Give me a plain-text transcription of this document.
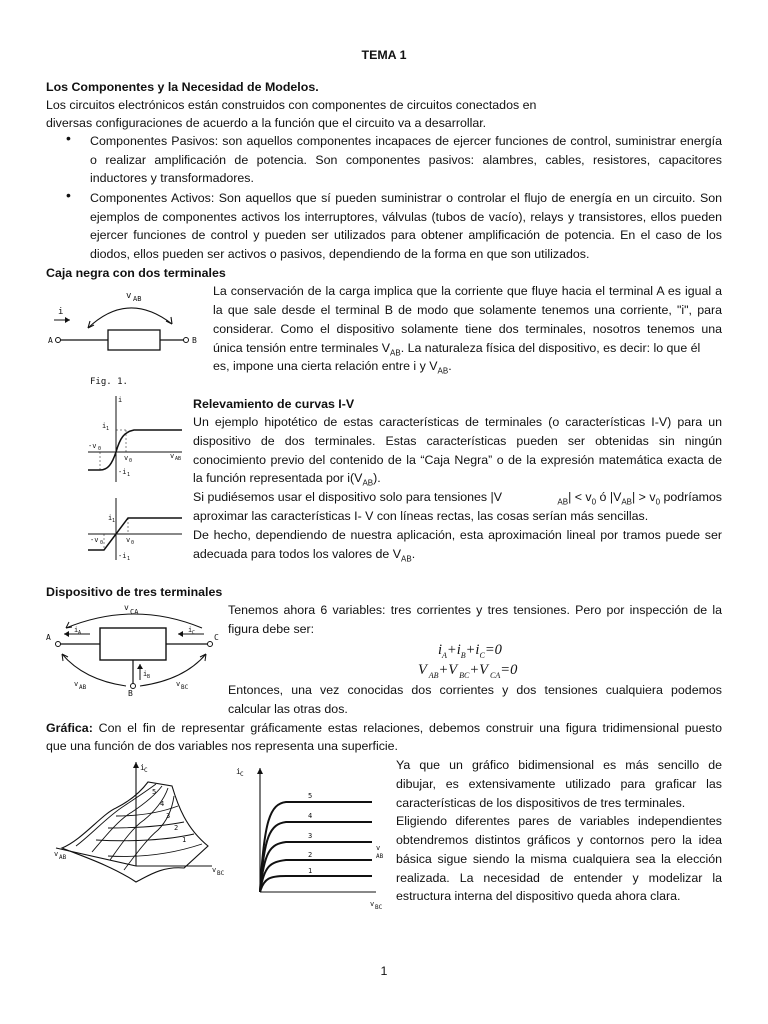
TEMA 1
Los Componentes y la Necesidad de Modelos.
Los circuitos electrónicos están construidos con componentes de circuitos conectados en
diversas configuraciones de acuerdo a la función que el circuito va a desarrollar.
• Componentes Pasivos: son aquellos componentes incapaces de ejercer funciones de control, suministrar energía
o realizar amplificación de potencia. Son componentes pasivos: alambres, cables, resistores, capacitores
inductores y transformadores.
• Componentes Activos: Son aquellos que sí pueden suministrar o controlar el flujo de energía en un circuito. Son
ejemplos de componentes activos los interruptores, válvulas (tubos de vacío), relays y transistores, ellos pueden
ejercer funciones de control y pueden ser utilizados para obtener amplificación de potencia. En el caso de los
diodos, ellos pueden ser activos o pasivos, dependiendo de la forma en que son utilizados.
Caja negra con dos terminales
La conservación de la carga implica que la corriente que fluye hacia el terminal A es igual a
la que sale desde el terminal B de modo que solamente tenemos una corriente, "i", para
considerar. Como el dispositivo solamente tiene dos terminales, nosotros tenemos una
única tensión entre terminales $V_{AB}$. La naturaleza física del dispositivo, es decir: lo que él
es, impone una cierta relación entre i y $V_{AB}$.
i
v AB
A	B
Fig. 1.
Relevamiento de curvas I-V
Un ejemplo hipotético de estas características de terminales (o características I-V) para un
dispositivo de dos terminales. Estas características pueden ser obtenidas sin ningún
conocimiento previo del contenido de la “Caja Negra” o de la expresión matemática exacta de
la función representada por $i(V_{AB})$.
Si pudiésemos usar el dispositivo solo para tensiones |V	$_{AB}| < v_0$ ó $|V_{AB}| > v_0$ podríamos
aproximar las características I- V con líneas rectas, las cosas serían más sencillas.
De hecho, dependiendo de nuestra aplicación, esta aproximación lineal por tramos puede ser
adecuada para todos los valores de $V_{AB}$.
i
i 1
-v 0
v 0
-i 1
v AB
i 1
v 0
-v 0
-i 1
Dispositivo de tres terminales
Tenemos ahora 6 variables: tres corrientes y tres tensiones. Pero por inspección de la
figura debe ser:
$i_A+i_B+i_C=0$
V $_{AB}$+V $_{BC}$+V $_{CA}$=0
Entonces, una vez conocidas dos corrientes y dos tensiones cualquiera podemos
calcular las otras dos.
A	C
B
v CA
i A	i C
i B
v AB	v BC
Gráfica: Con el fin de representar gráficamente estas relaciones, debemos construir una figura tridimensional puesto
que una función de dos variables nos representa una superficie.
Ya que un gráfico bidimensional es más sencillo de
dibujar, es extensivamente utilizado para graficar las
características de los dispositivos de tres terminales.
Eligiendo diferentes pares de variables independientes
obtendremos distintos gráficos y contornos pero la idea
básica sigue siendo la misma cualquiera sea la elección
realizada. La necesidad de entender y modelizar la
estructura interna del dispositivo queda ahora clara.
i C
v AB
v BC
5
4
3
2
1
5
4
3
2
1
i C
v
AB
v BC
1
